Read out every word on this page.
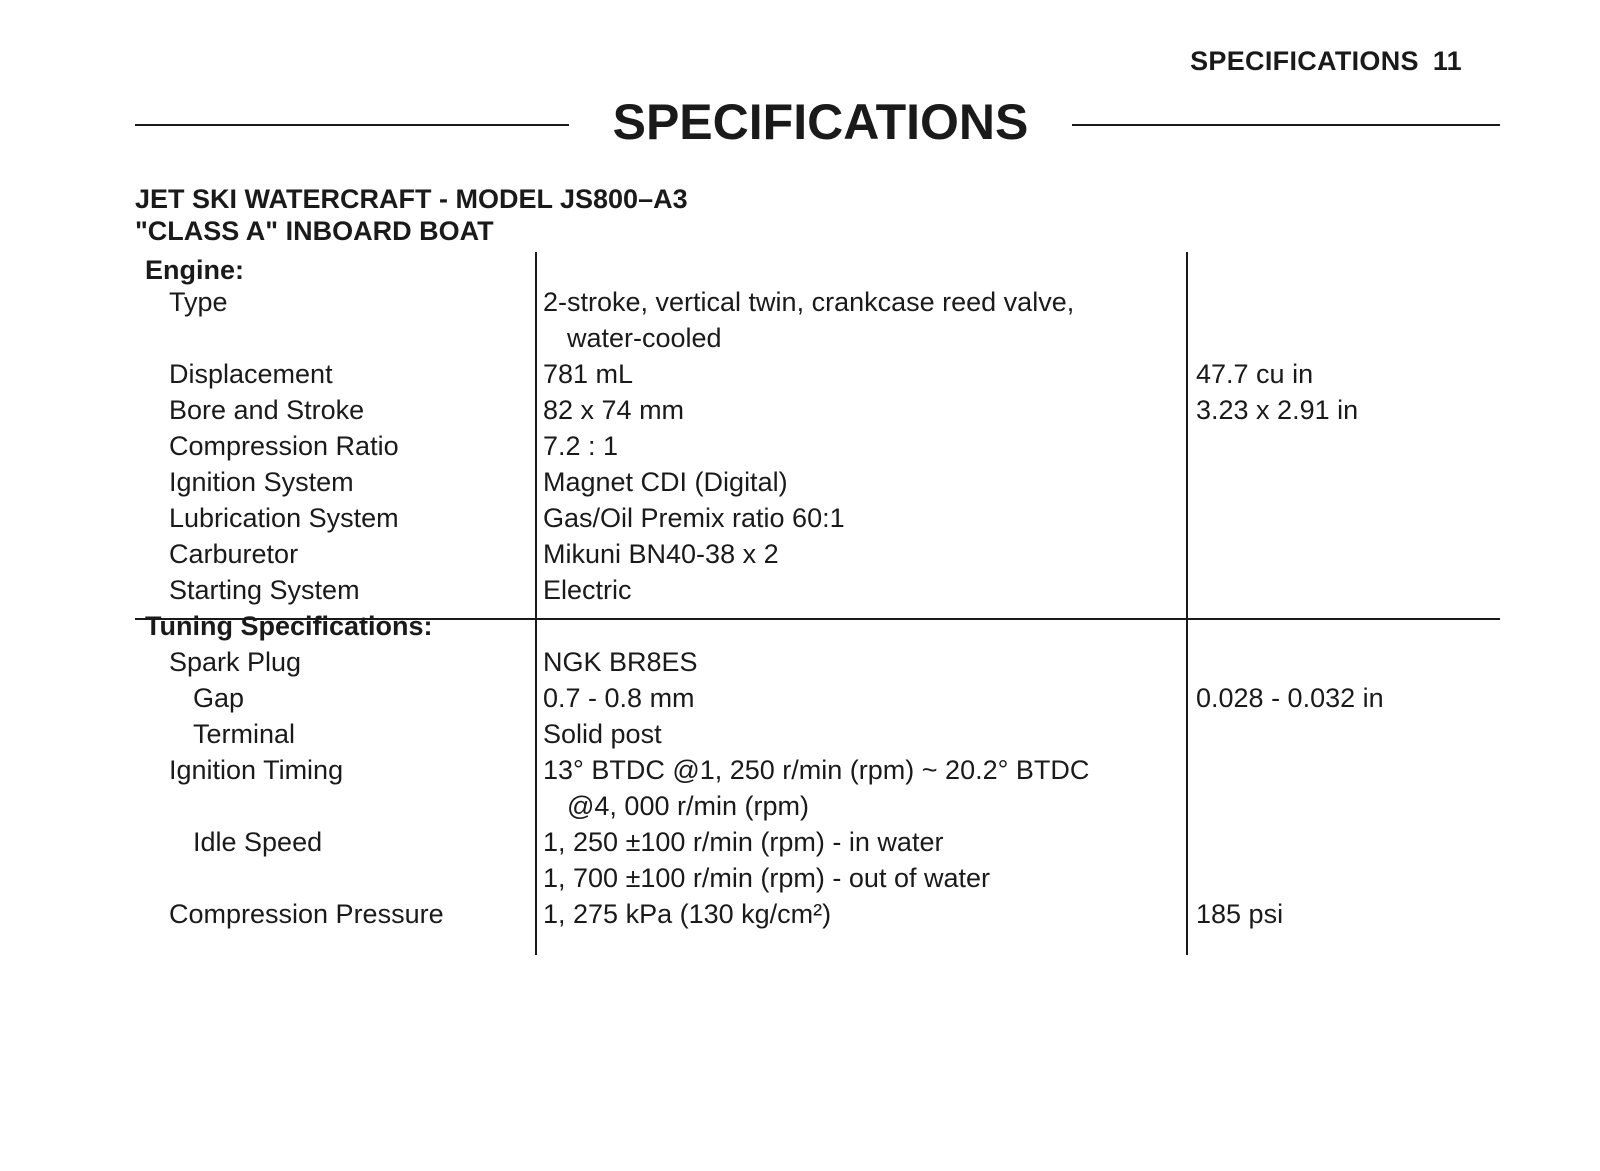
SPECIFICATIONS 11
SPECIFICATIONS
JET SKI WATERCRAFT - MODEL JS800–A3
"CLASS A" INBOARD BOAT
Engine:
Type	2-stroke, vertical twin, crankcase reed valve,
water-cooled
Displacement	781 mL	47.7 cu in
Bore and Stroke	82 x 74 mm	3.23 x 2.91 in
Compression Ratio	7.2 : 1
Ignition System	Magnet CDI (Digital)
Lubrication System	Gas/Oil Premix ratio 60:1
Carburetor	Mikuni BN40-38 x 2
Starting System	Electric
Tuning Specifications:
Spark Plug	NGK BR8ES
Gap	0.7 - 0.8 mm	0.028 - 0.032 in
Terminal	Solid post
Ignition Timing	13° BTDC @1, 250 r/min (rpm) ~ 20.2° BTDC
@4, 000 r/min (rpm)
Idle Speed	1, 250 ±100 r/min (rpm) - in water
1, 700 ±100 r/min (rpm) - out of water
Compression Pressure	1, 275 kPa (130 kg/cm²)	185 psi
